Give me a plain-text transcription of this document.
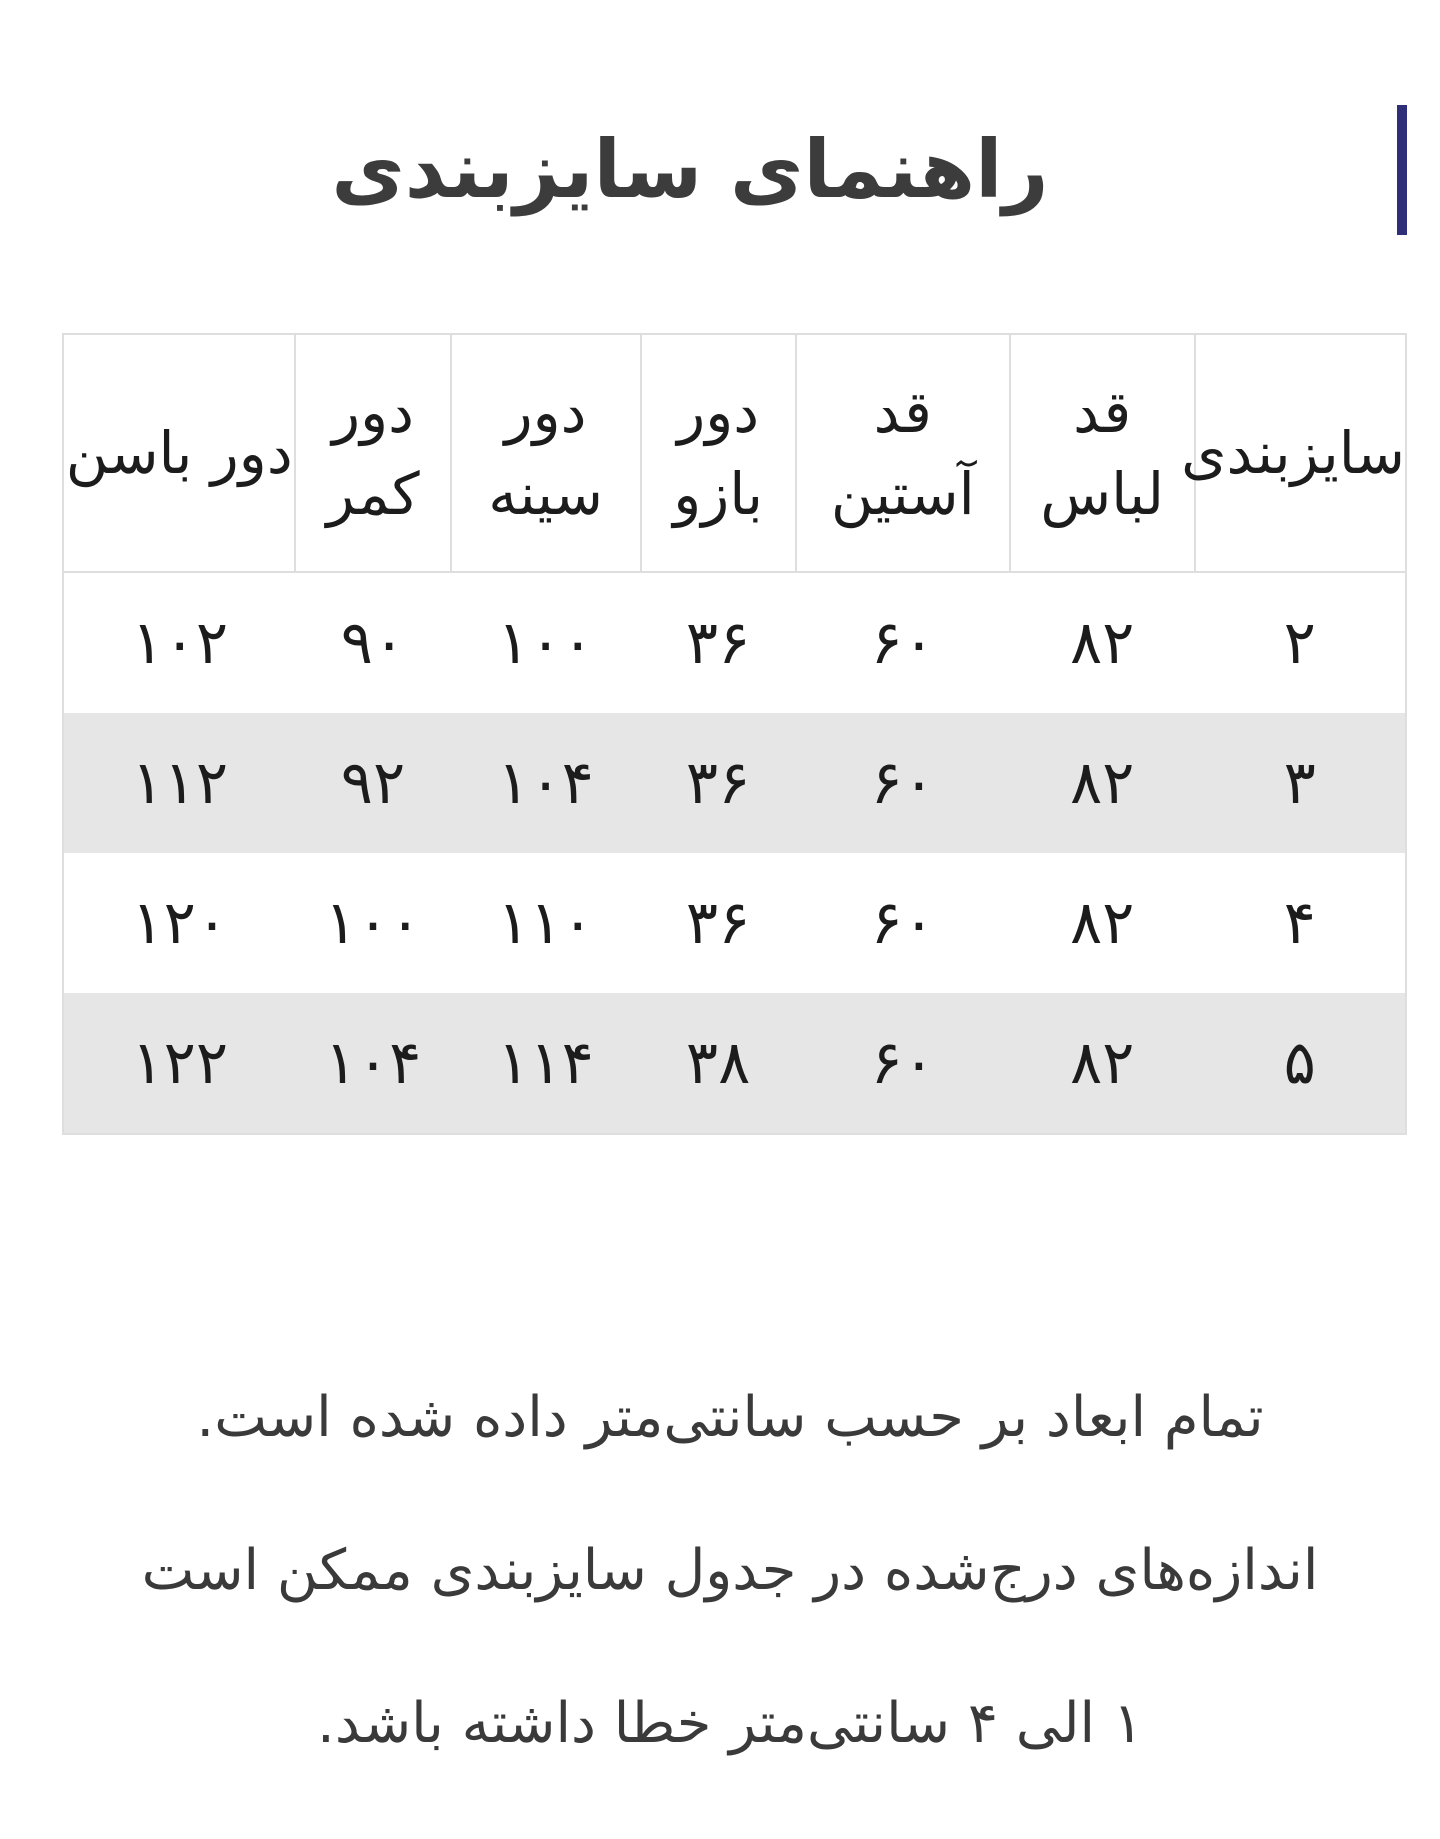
راهنمای سایزبندی
سایزبندی	قد لباس	قد آستین	دور بازو	دور سینه	دور کمر	دور باسن
۲	۸۲	۶۰	۳۶	۱۰۰	۹۰	۱۰۲
۳	۸۲	۶۰	۳۶	۱۰۴	۹۲	۱۱۲
۴	۸۲	۶۰	۳۶	۱۱۰	۱۰۰	۱۲۰
۵	۸۲	۶۰	۳۸	۱۱۴	۱۰۴	۱۲۲

تمام ابعاد بر حسب سانتی‌متر داده شده است.

اندازه‌های درج‌شده در جدول سایزبندی ممکن است

۱ الی ۴ سانتی‌متر خطا داشته باشد.
